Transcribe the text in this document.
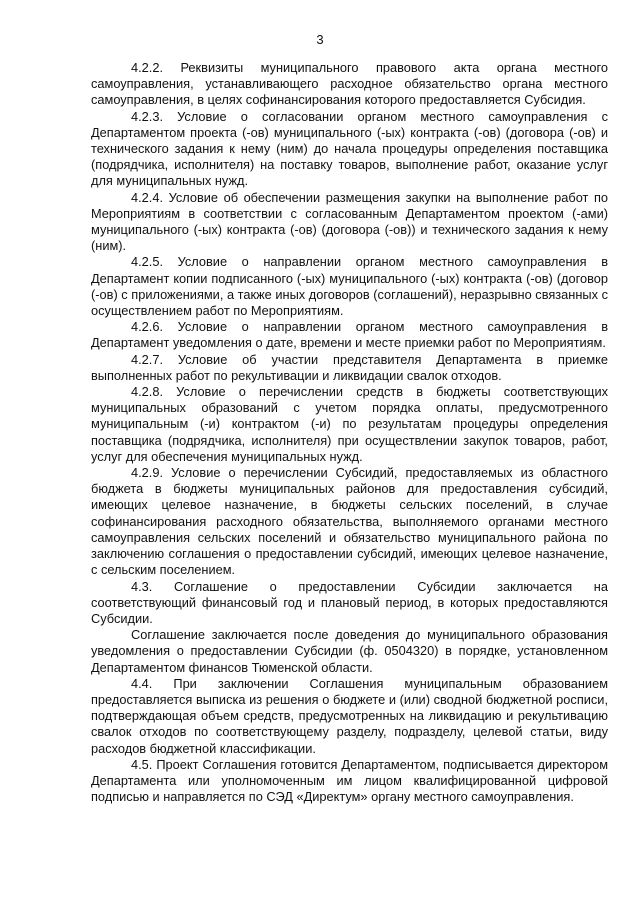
3

4.2.2. Реквизиты муниципального правового акта органа местного самоуправления, устанавливающего расходное обязательство органа местного самоуправления, в целях софинансирования которого предоставляется Субсидия.

4.2.3. Условие о согласовании органом местного самоуправления с Департаментом проекта (-ов) муниципального (-ых) контракта (-ов) (договора (-ов) и технического задания к нему (ним) до начала процедуры определения поставщика (подрядчика, исполнителя) на поставку товаров, выполнение работ, оказание услуг для муниципальных нужд.

4.2.4. Условие об обеспечении размещения закупки на выполнение работ по Мероприятиям в соответствии с согласованным Департаментом проектом (-ами) муниципального (-ых) контракта (-ов) (договора (-ов)) и технического задания к нему (ним).

4.2.5. Условие о направлении органом местного самоуправления в Департамент копии подписанного (-ых) муниципального (-ых) контракта (-ов) (договор (-ов) с приложениями, а также иных договоров (соглашений), неразрывно связанных с осуществлением работ по Мероприятиям.

4.2.6. Условие о направлении органом местного самоуправления в Департамент уведомления о дате, времени и месте приемки работ по Мероприятиям.

4.2.7. Условие об участии представителя Департамента в приемке выполненных работ по рекультивации и ликвидации свалок отходов.

4.2.8. Условие о перечислении средств в бюджеты соответствующих муниципальных образований с учетом порядка оплаты, предусмотренного муниципальным (-и) контрактом (-и) по результатам процедуры определения поставщика (подрядчика, исполнителя) при осуществлении закупок товаров, работ, услуг для обеспечения муниципальных нужд.

4.2.9. Условие о перечислении Субсидий, предоставляемых из областного бюджета в бюджеты муниципальных районов для предоставления субсидий, имеющих целевое назначение, в бюджеты сельских поселений, в случае софинансирования расходного обязательства, выполняемого органами местного самоуправления сельских поселений и обязательство муниципального района по заключению соглашения о предоставлении субсидий, имеющих целевое назначение, с сельским поселением.

4.3. Соглашение о предоставлении Субсидии заключается на соответствующий финансовый год и плановый период, в которых предоставляются Субсидии.

Соглашение заключается после доведения до муниципального образования уведомления о предоставлении Субсидии (ф. 0504320) в порядке, установленном Департаментом финансов Тюменской области.

4.4. При заключении Соглашения муниципальным образованием предоставляется выписка из решения о бюджете и (или) сводной бюджетной росписи, подтверждающая объем средств, предусмотренных на ликвидацию и рекультивацию свалок отходов по соответствующему разделу, подразделу, целевой статьи, виду расходов бюджетной классификации.

4.5. Проект Соглашения готовится Департаментом, подписывается директором Департамента или уполномоченным им лицом квалифицированной цифровой подписью и направляется по СЭД «Директум» органу местного самоуправления.
